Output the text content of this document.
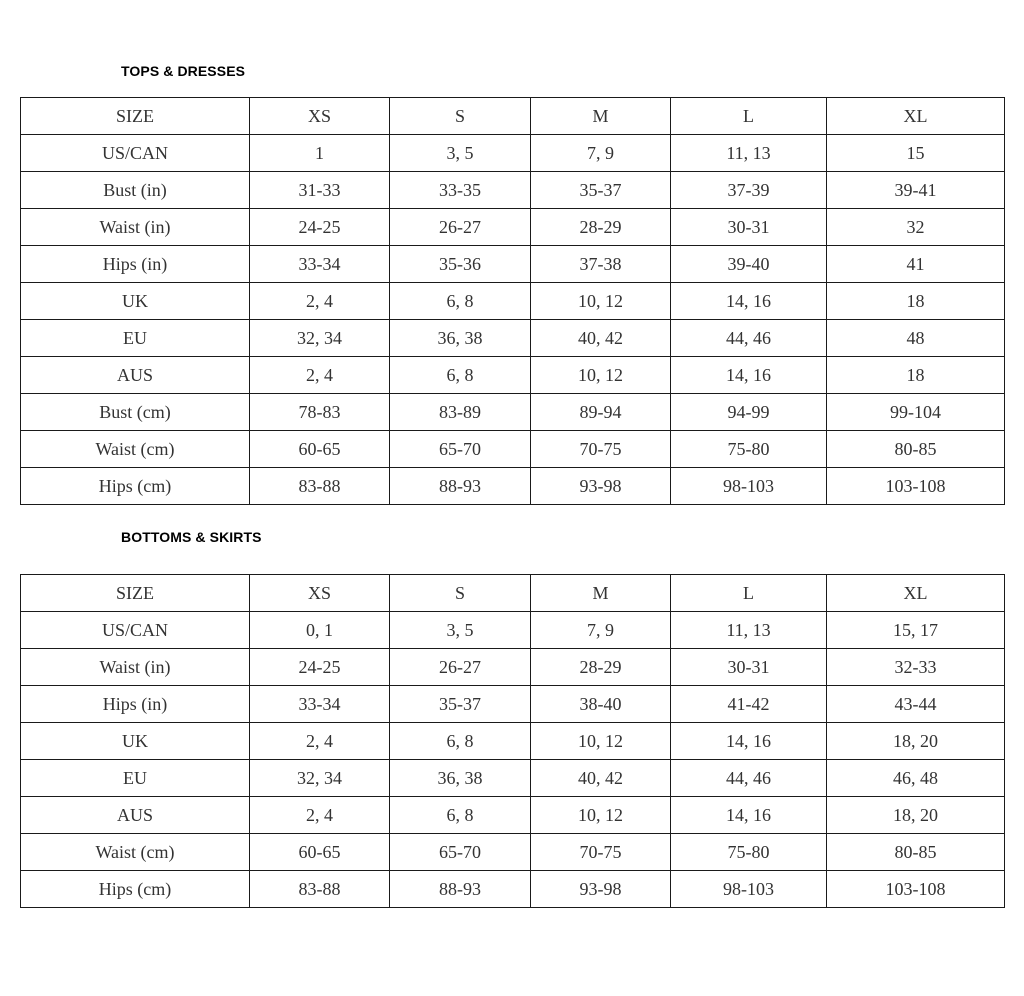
TOPS & DRESSES
SIZE	XS	S	M	L	XL
US/CAN	1	3, 5	7, 9	11, 13	15
Bust (in)	31-33	33-35	35-37	37-39	39-41
Waist (in)	24-25	26-27	28-29	30-31	32
Hips (in)	33-34	35-36	37-38	39-40	41
UK	2, 4	6, 8	10, 12	14, 16	18
EU	32, 34	36, 38	40, 42	44, 46	48
AUS	2, 4	6, 8	10, 12	14, 16	18
Bust (cm)	78-83	83-89	89-94	94-99	99-104
Waist (cm)	60-65	65-70	70-75	75-80	80-85
Hips (cm)	83-88	88-93	93-98	98-103	103-108
BOTTOMS & SKIRTS
SIZE	XS	S	M	L	XL
US/CAN	0, 1	3, 5	7, 9	11, 13	15, 17
Waist (in)	24-25	26-27	28-29	30-31	32-33
Hips (in)	33-34	35-37	38-40	41-42	43-44
UK	2, 4	6, 8	10, 12	14, 16	18, 20
EU	32, 34	36, 38	40, 42	44, 46	46, 48
AUS	2, 4	6, 8	10, 12	14, 16	18, 20
Waist (cm)	60-65	65-70	70-75	75-80	80-85
Hips (cm)	83-88	88-93	93-98	98-103	103-108
